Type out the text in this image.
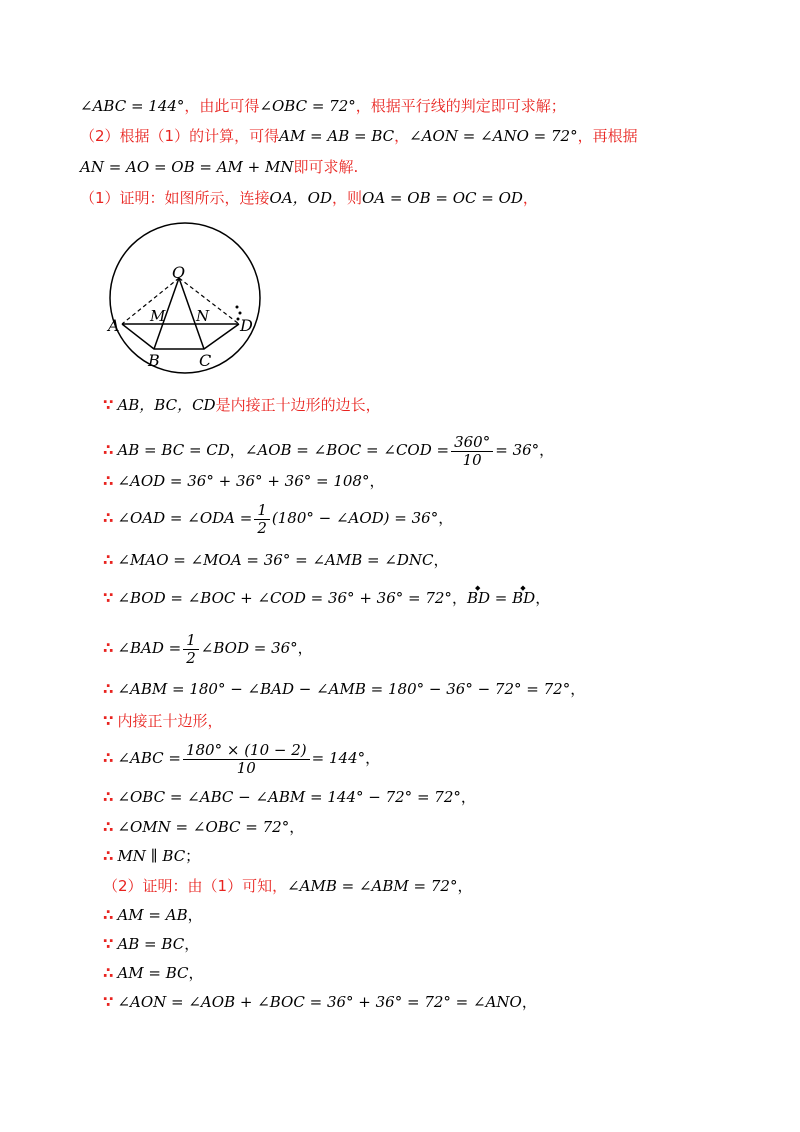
∠ABC = 144°，由此可得∠OBC = 72°，根据平行线的判定即可求解；
（2）根据（1）的计算，可得AM = AB = BC，∠AON = ∠ANO = 72°，再根据
AN = AO = OB = AM + MN即可求解.
（1）证明：如图所示，连接OA，OD，则OA = OB = OC = OD，
O
M N
A	D
B C
∵ AB，BC，CD是内接正十边形的边长，
∴ AB = BC = CD，∠AOB = ∠BOC = ∠COD = $\frac{360^\circ}{10} = 36^\circ$，
∴ ∠AOD = 36° + 36° + 36° = 108°，
∴ ∠OAD = ∠ODA = $\frac{1}{2} (180^\circ$ − ∠AOD) = 36°，
∴ ∠MAO = ∠MOA = 36° = ∠AMB = ∠DNC，
∵ ∠BOD = ∠BOC + ∠COD = 36° + 36° = 72°，◆ BD = ◆ BD，
∴ ∠BAD = $\frac{1}{2}$ ∠BOD = 36°，
∴ ∠ABM = 180° − ∠BAD − ∠AMB = 180° − 36° − 72° = 72°，
∵ 内接正十边形，
∴ ∠ABC = $\frac{180^\circ \times (10 - 2)}{10} = 144^\circ$，
∴ ∠OBC = ∠ABC − ∠ABM = 144° − 72° = 72°，
∴ ∠OMN = ∠OBC = 72°，
∴ MN ∥ BC；
（2）证明：由（1）可知，∠AMB = ∠ABM = 72°，
∴ AM = AB，
∵ AB = BC，
∴ AM = BC，
∵ ∠AON = ∠AOB + ∠BOC = 36° + 36° = 72° = ∠ANO，
